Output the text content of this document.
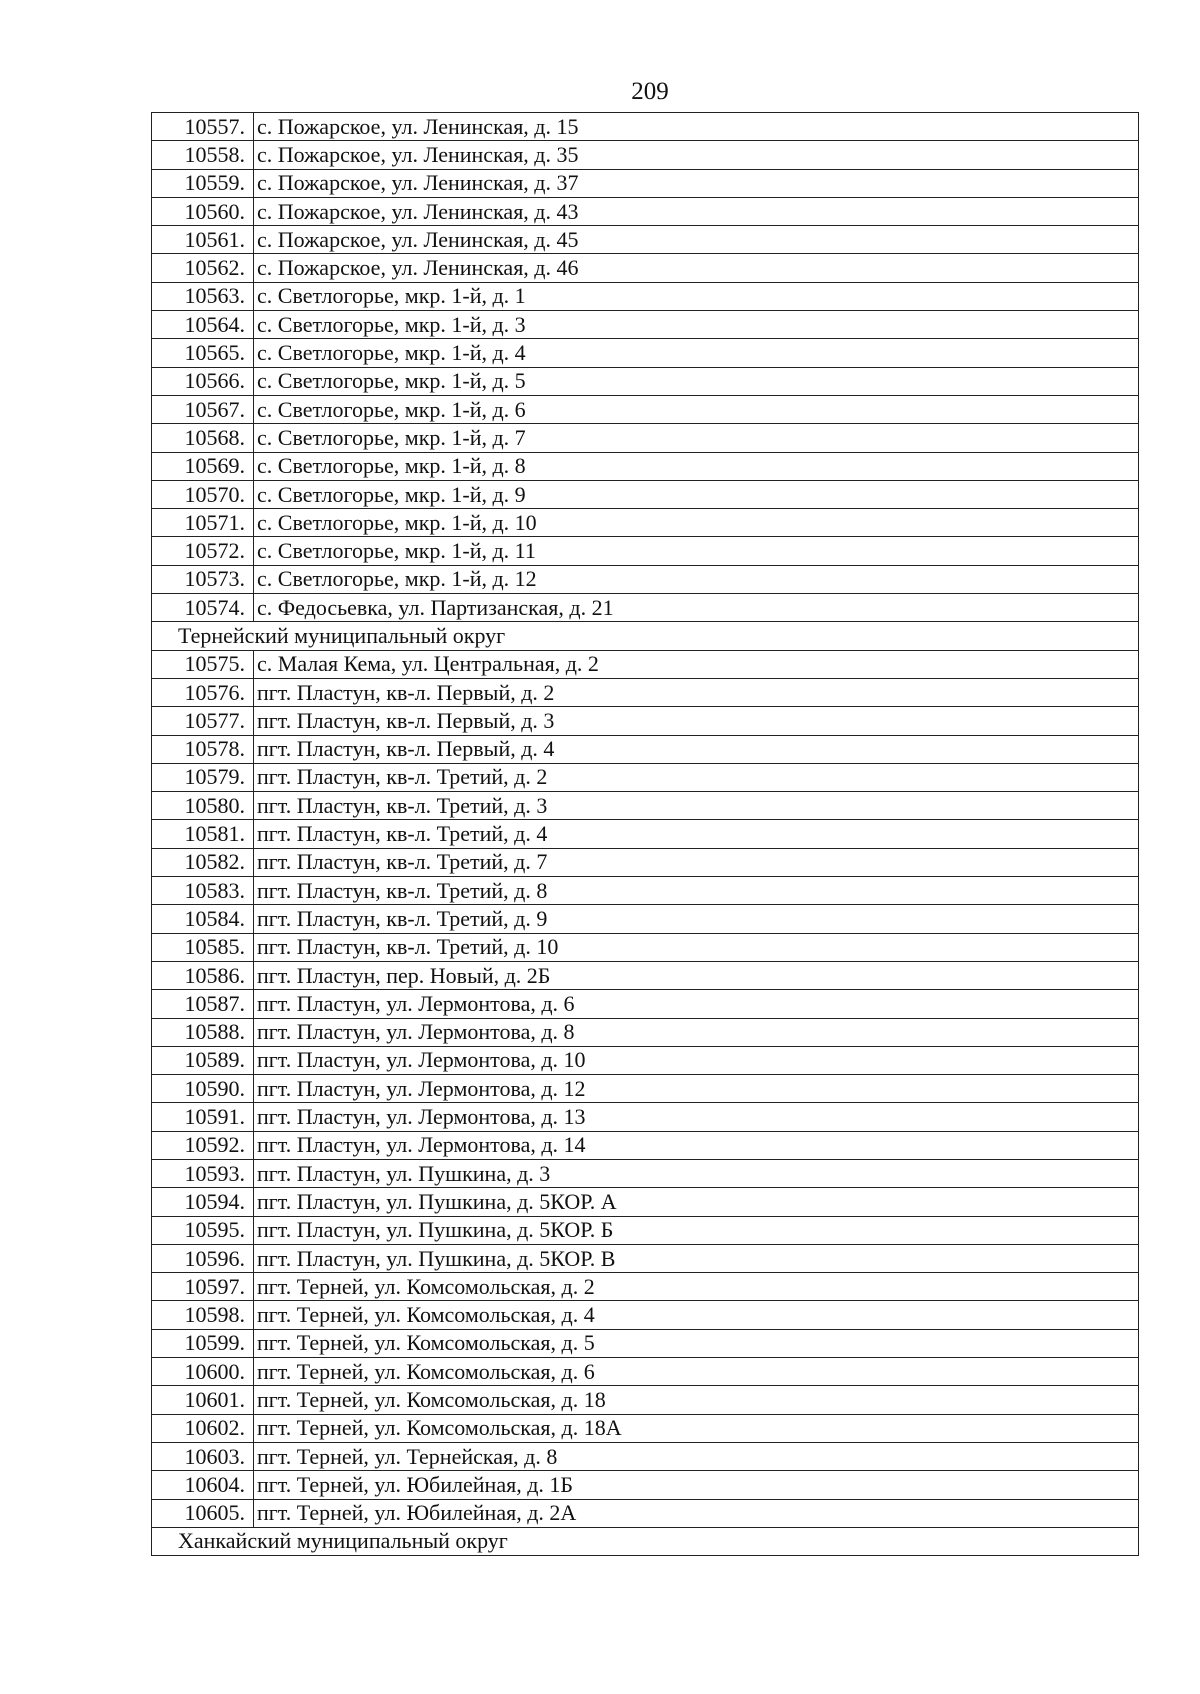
209
10557.	с. Пожарское, ул. Ленинская, д. 15
10558.	с. Пожарское, ул. Ленинская, д. 35
10559.	с. Пожарское, ул. Ленинская, д. 37
10560.	с. Пожарское, ул. Ленинская, д. 43
10561.	с. Пожарское, ул. Ленинская, д. 45
10562.	с. Пожарское, ул. Ленинская, д. 46
10563.	с. Светлогорье, мкр. 1-й, д. 1
10564.	с. Светлогорье, мкр. 1-й, д. 3
10565.	с. Светлогорье, мкр. 1-й, д. 4
10566.	с. Светлогорье, мкр. 1-й, д. 5
10567.	с. Светлогорье, мкр. 1-й, д. 6
10568.	с. Светлогорье, мкр. 1-й, д. 7
10569.	с. Светлогорье, мкр. 1-й, д. 8
10570.	с. Светлогорье, мкр. 1-й, д. 9
10571.	с. Светлогорье, мкр. 1-й, д. 10
10572.	с. Светлогорье, мкр. 1-й, д. 11
10573.	с. Светлогорье, мкр. 1-й, д. 12
10574.	с. Федосьевка, ул. Партизанская, д. 21
Тернейский муниципальный округ	
10575.	с. Малая Кема, ул. Центральная, д. 2
10576.	пгт. Пластун, кв-л. Первый, д. 2
10577.	пгт. Пластун, кв-л. Первый, д. 3
10578.	пгт. Пластун, кв-л. Первый, д. 4
10579.	пгт. Пластун, кв-л. Третий, д. 2
10580.	пгт. Пластун, кв-л. Третий, д. 3
10581.	пгт. Пластун, кв-л. Третий, д. 4
10582.	пгт. Пластун, кв-л. Третий, д. 7
10583.	пгт. Пластун, кв-л. Третий, д. 8
10584.	пгт. Пластун, кв-л. Третий, д. 9
10585.	пгт. Пластун, кв-л. Третий, д. 10
10586.	пгт. Пластун, пер. Новый, д. 2Б
10587.	пгт. Пластун, ул. Лермонтова, д. 6
10588.	пгт. Пластун, ул. Лермонтова, д. 8
10589.	пгт. Пластун, ул. Лермонтова, д. 10
10590.	пгт. Пластун, ул. Лермонтова, д. 12
10591.	пгт. Пластун, ул. Лермонтова, д. 13
10592.	пгт. Пластун, ул. Лермонтова, д. 14
10593.	пгт. Пластун, ул. Пушкина, д. 3
10594.	пгт. Пластун, ул. Пушкина, д. 5КОР. А
10595.	пгт. Пластун, ул. Пушкина, д. 5КОР. Б
10596.	пгт. Пластун, ул. Пушкина, д. 5КОР. В
10597.	пгт. Терней, ул. Комсомольская, д. 2
10598.	пгт. Терней, ул. Комсомольская, д. 4
10599.	пгт. Терней, ул. Комсомольская, д. 5
10600.	пгт. Терней, ул. Комсомольская, д. 6
10601.	пгт. Терней, ул. Комсомольская, д. 18
10602.	пгт. Терней, ул. Комсомольская, д. 18А
10603.	пгт. Терней, ул. Тернейская, д. 8
10604.	пгт. Терней, ул. Юбилейная, д. 1Б
10605.	пгт. Терней, ул. Юбилейная, д. 2А
Ханкайский муниципальный округ	
